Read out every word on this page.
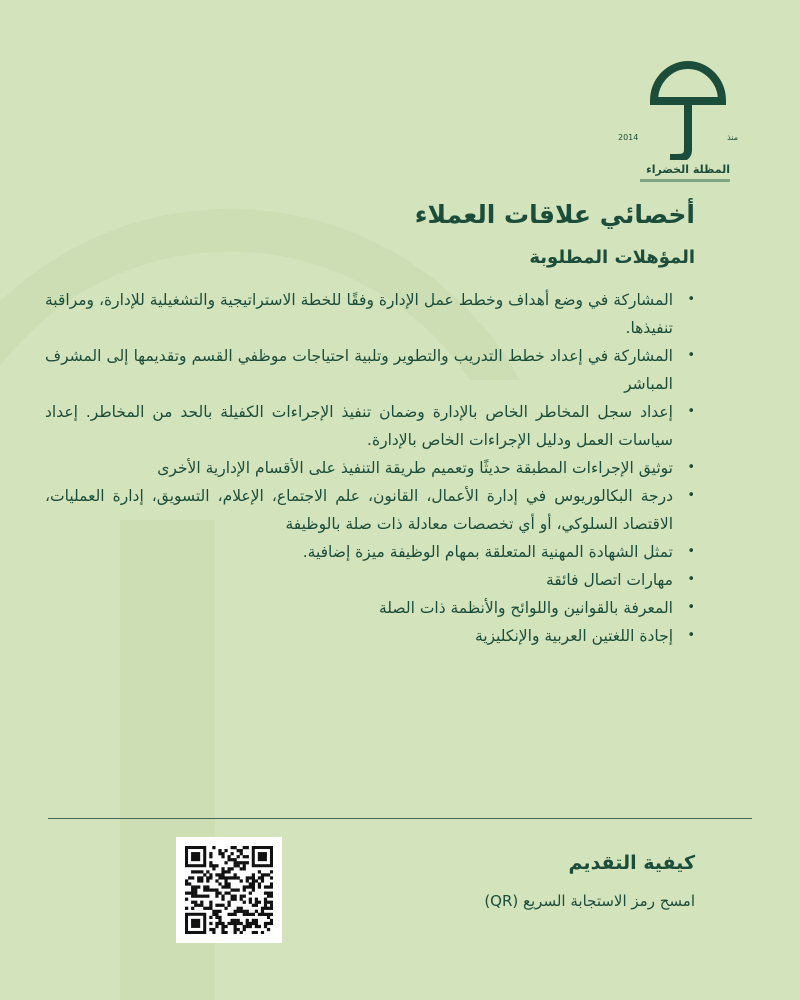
منذ
2014
المظلة الخضراء
أخصائي علاقات العملاء
المؤهلات المطلوبة
•
المشاركة في وضع أهداف وخطط عمل الإدارة وفقًا للخطة الاستراتيجية والتشغيلية للإدارة، ومراقبة تنفيذها.
•
المشاركة في إعداد خطط التدريب والتطوير وتلبية احتياجات موظفي القسم وتقديمها إلى المشرف المباشر
•
إعداد سجل المخاطر الخاص بالإدارة وضمان تنفيذ الإجراءات الكفيلة بالحد من المخاطر. إعداد سياسات العمل ودليل الإجراءات الخاص بالإدارة.
•
توثيق الإجراءات المطبقة حديثًا وتعميم طريقة التنفيذ على الأقسام الإدارية الأخرى
•
درجة البكالوريوس في إدارة الأعمال، القانون، علم الاجتماع، الإعلام، التسويق، إدارة العمليات، الاقتصاد السلوكي، أو أي تخصصات معادلة ذات صلة بالوظيفة
•
تمثل الشهادة المهنية المتعلقة بمهام الوظيفة ميزة إضافية.
•
مهارات اتصال فائقة
•
المعرفة بالقوانين واللوائح والأنظمة ذات الصلة
•
إجادة اللغتين العربية والإنكليزية
كيفية التقديم
امسح رمز الاستجابة السريع (QR)
